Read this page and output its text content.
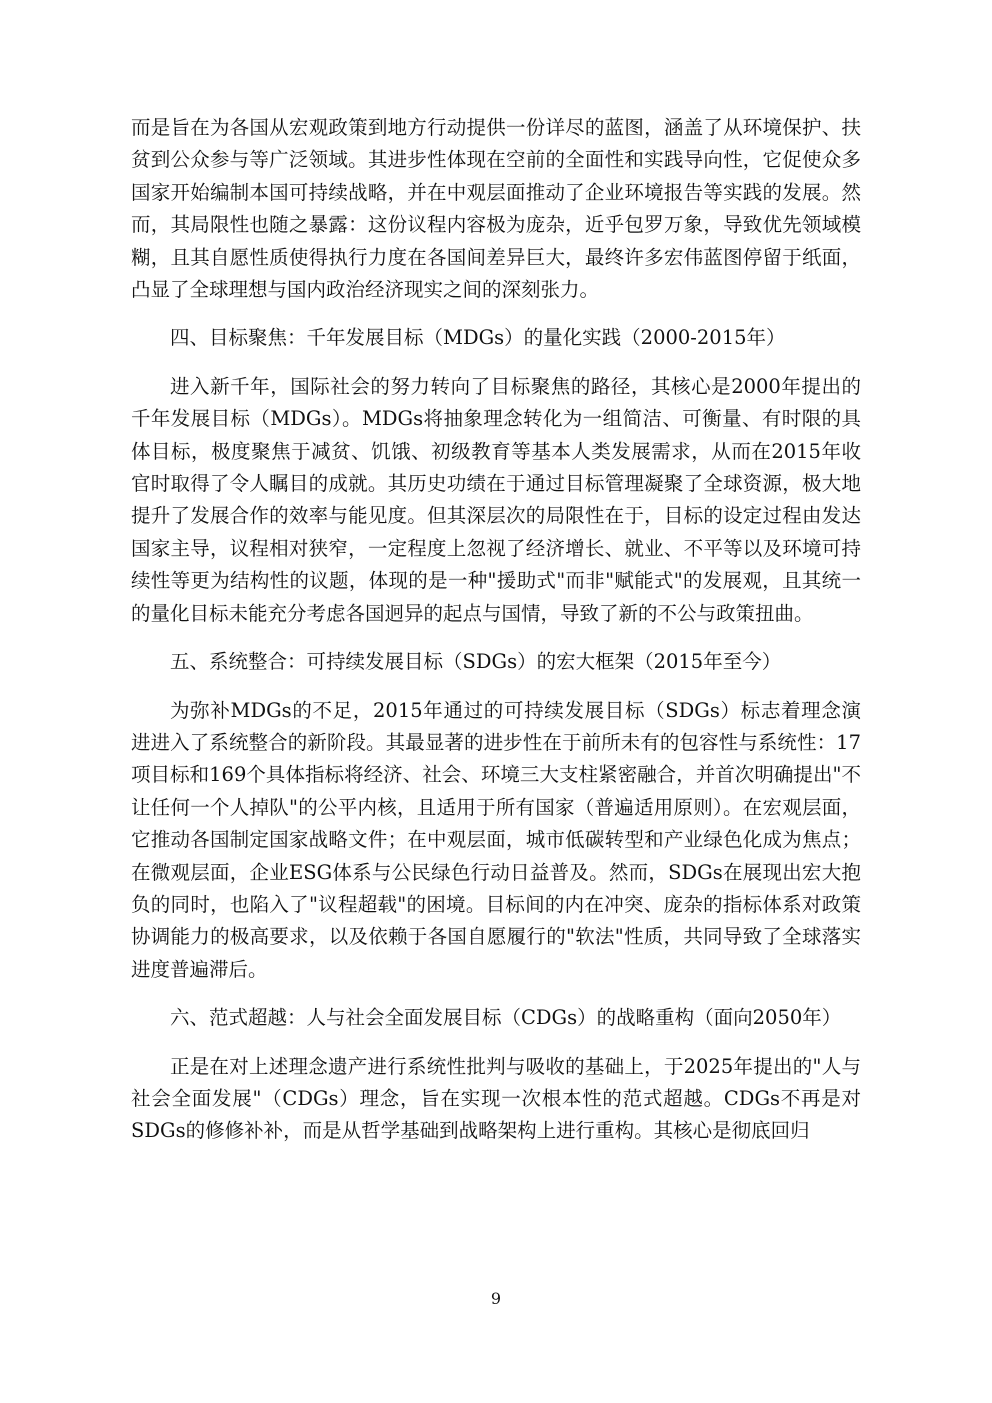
而是旨在为各国从宏观政策到地方行动提供一份详尽的蓝图，涵盖了从环境保护、扶贫到公众参与等广泛领域。其进步性体现在空前的全面性和实践导向性，它促使众多国家开始编制本国可持续战略，并在中观层面推动了企业环境报告等实践的发展。然而，其局限性也随之暴露：这份议程内容极为庞杂，近乎包罗万象，导致优先领域模糊，且其自愿性质使得执行力度在各国间差异巨大，最终许多宏伟蓝图停留于纸面，凸显了全球理想与国内政治经济现实之间的深刻张力。

四、目标聚焦：千年发展目标（MDGs）的量化实践（2000-2015年）

进入新千年，国际社会的努力转向了目标聚焦的路径，其核心是2000年提出的千年发展目标（MDGs）。MDGs将抽象理念转化为一组简洁、可衡量、有时限的具体目标，极度聚焦于减贫、饥饿、初级教育等基本人类发展需求，从而在2015年收官时取得了令人瞩目的成就。其历史功绩在于通过目标管理凝聚了全球资源，极大地提升了发展合作的效率与能见度。但其深层次的局限性在于，目标的设定过程由发达国家主导，议程相对狭窄，一定程度上忽视了经济增长、就业、不平等以及环境可持续性等更为结构性的议题，体现的是一种"援助式"而非"赋能式"的发展观，且其统一的量化目标未能充分考虑各国迥异的起点与国情，导致了新的不公与政策扭曲。

五、系统整合：可持续发展目标（SDGs）的宏大框架（2015年至今）

为弥补MDGs的不足，2015年通过的可持续发展目标（SDGs）标志着理念演进进入了系统整合的新阶段。其最显著的进步性在于前所未有的包容性与系统性：17项目标和169个具体指标将经济、社会、环境三大支柱紧密融合，并首次明确提出"不让任何一个人掉队"的公平内核，且适用于所有国家（普遍适用原则）。在宏观层面，它推动各国制定国家战略文件；在中观层面，城市低碳转型和产业绿色化成为焦点；在微观层面，企业ESG体系与公民绿色行动日益普及。然而，SDGs在展现出宏大抱负的同时，也陷入了"议程超载"的困境。目标间的内在冲突、庞杂的指标体系对政策协调能力的极高要求，以及依赖于各国自愿履行的"软法"性质，共同导致了全球落实进度普遍滞后。

六、范式超越：人与社会全面发展目标（CDGs）的战略重构（面向2050年）

正是在对上述理念遗产进行系统性批判与吸收的基础上，于2025年提出的"人与社会全面发展"（CDGs）理念，旨在实现一次根本性的范式超越。CDGs不再是对SDGs的修修补补，而是从哲学基础到战略架构上进行重构。其核心是彻底回归

9
